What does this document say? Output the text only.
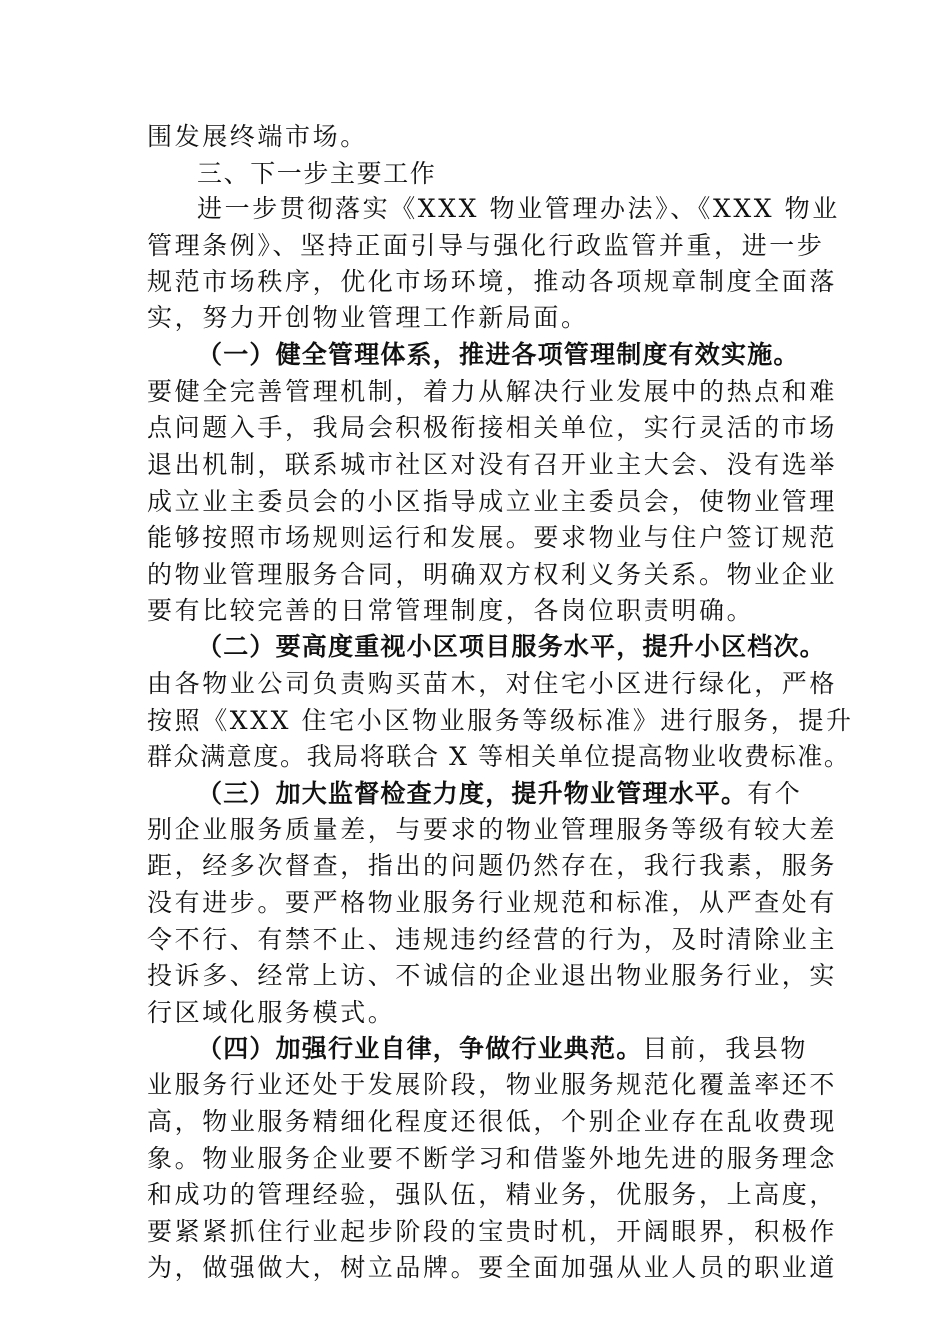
围发展终端市场。
三、下一步主要工作
进一步贯彻落实《XXX 物业管理办法》、《XXX 物业
管理条例》、坚持正面引导与强化行政监管并重，进一步
规范市场秩序，优化市场环境，推动各项规章制度全面落
实，努力开创物业管理工作新局面。
（一）健全管理体系，推进各项管理制度有效实施。
要健全完善管理机制，着力从解决行业发展中的热点和难
点问题入手，我局会积极衔接相关单位，实行灵活的市场
退出机制，联系城市社区对没有召开业主大会、没有选举
成立业主委员会的小区指导成立业主委员会，使物业管理
能够按照市场规则运行和发展。要求物业与住户签订规范
的物业管理服务合同，明确双方权利义务关系。物业企业
要有比较完善的日常管理制度，各岗位职责明确。
（二）要高度重视小区项目服务水平，提升小区档次。
由各物业公司负责购买苗木，对住宅小区进行绿化，严格
按照《XXX 住宅小区物业服务等级标准》进行服务，提升
群众满意度。我局将联合 X 等相关单位提高物业收费标准。
（三）加大监督检查力度，提升物业管理水平。有个
别企业服务质量差，与要求的物业管理服务等级有较大差
距，经多次督查，指出的问题仍然存在，我行我素，服务
没有进步。要严格物业服务行业规范和标准，从严查处有
令不行、有禁不止、违规违约经营的行为，及时清除业主
投诉多、经常上访、不诚信的企业退出物业服务行业，实
行区域化服务模式。
（四）加强行业自律，争做行业典范。目前，我县物
业服务行业还处于发展阶段，物业服务规范化覆盖率还不
高，物业服务精细化程度还很低，个别企业存在乱收费现
象。物业服务企业要不断学习和借鉴外地先进的服务理念
和成功的管理经验，强队伍，精业务，优服务，上高度，
要紧紧抓住行业起步阶段的宝贵时机，开阔眼界，积极作
为，做强做大，树立品牌。要全面加强从业人员的职业道
